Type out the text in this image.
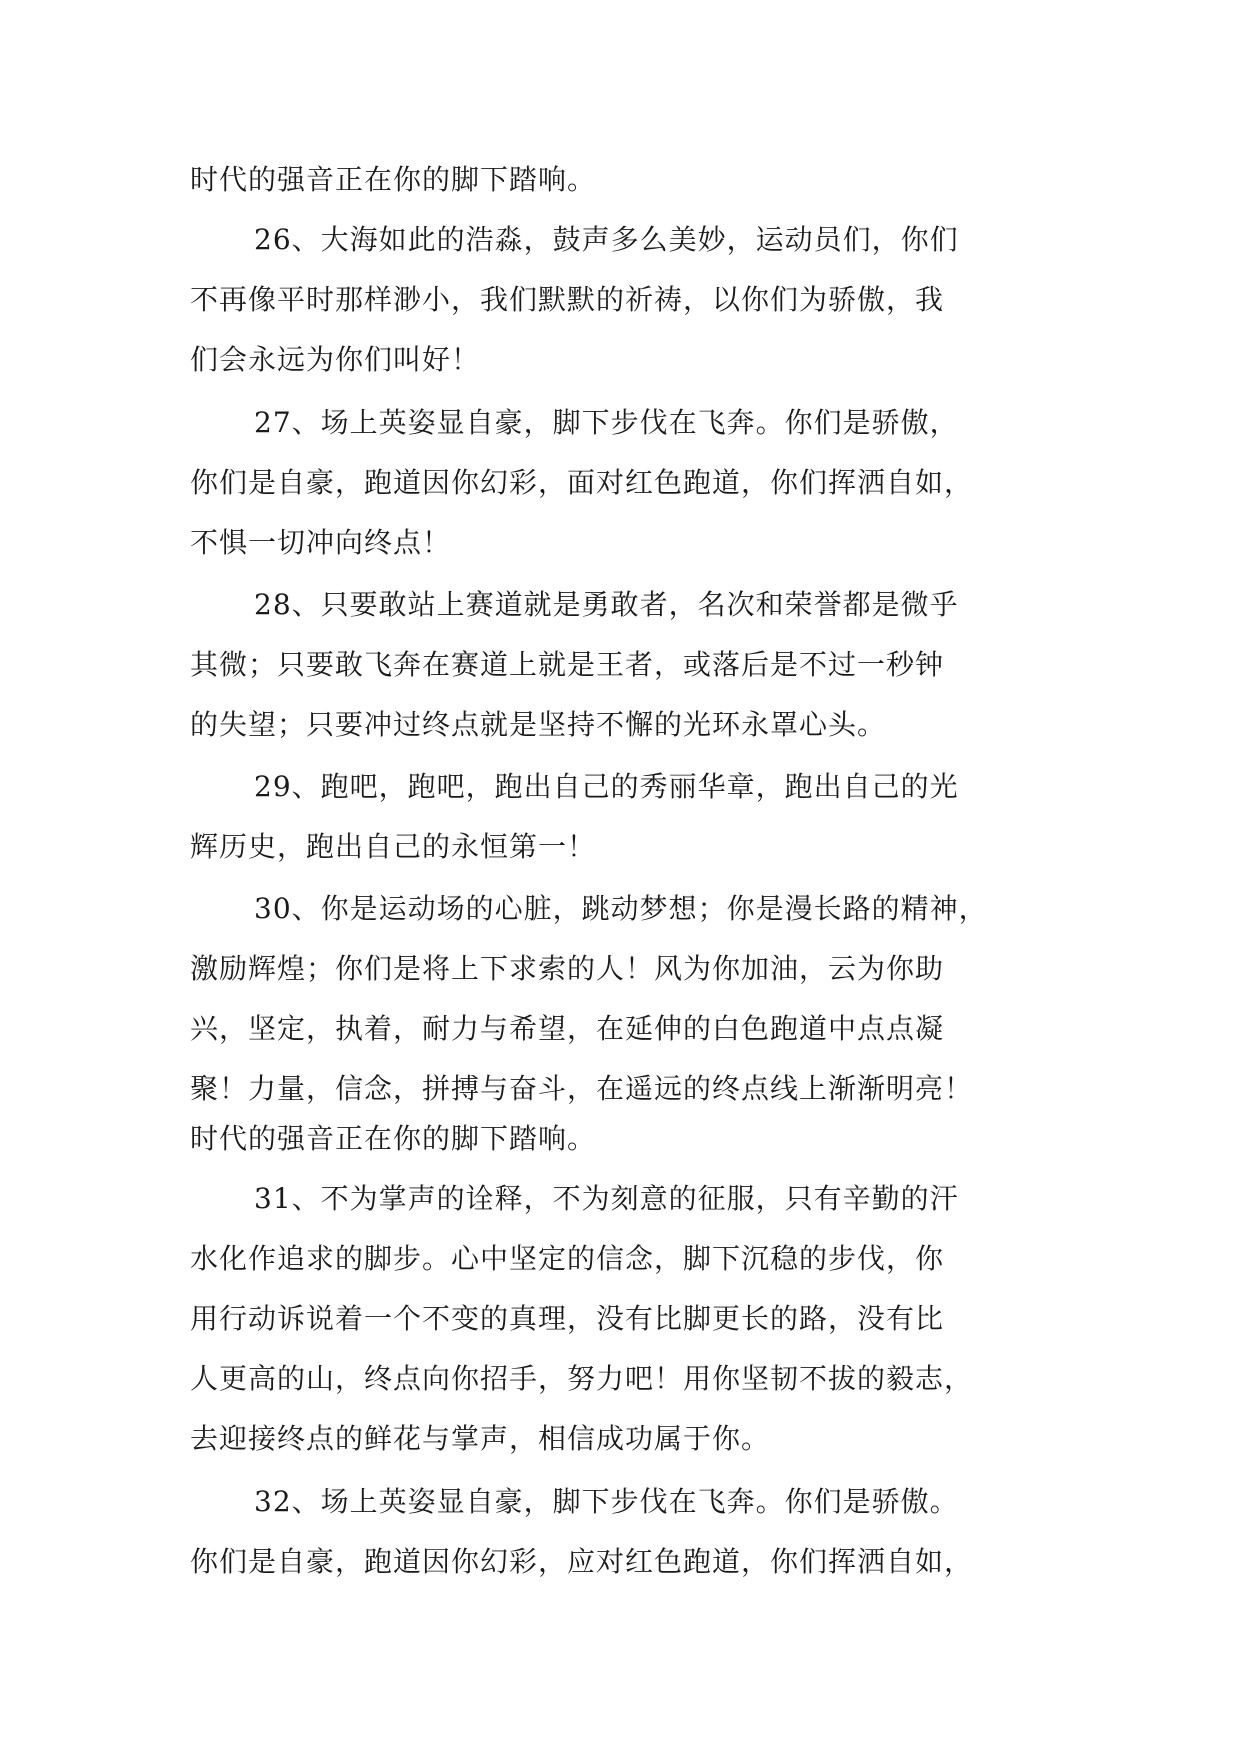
时代的强音正在你的脚下踏响。
26、大海如此的浩淼，鼓声多么美妙，运动员们，你们
不再像平时那样渺小，我们默默的祈祷，以你们为骄傲，我
们会永远为你们叫好！
27、场上英姿显自豪，脚下步伐在飞奔。你们是骄傲，
你们是自豪，跑道因你幻彩，面对红色跑道，你们挥洒自如，
不惧一切冲向终点！
28、只要敢站上赛道就是勇敢者，名次和荣誉都是微乎
其微；只要敢飞奔在赛道上就是王者，或落后是不过一秒钟
的失望；只要冲过终点就是坚持不懈的光环永罩心头。
29、跑吧，跑吧，跑出自己的秀丽华章，跑出自己的光
辉历史，跑出自己的永恒第一！
30、你是运动场的心脏，跳动梦想；你是漫长路的精神，
激励辉煌；你们是将上下求索的人！风为你加油，云为你助
兴，坚定，执着，耐力与希望，在延伸的白色跑道中点点凝
聚！力量，信念，拼搏与奋斗，在遥远的终点线上渐渐明亮！
时代的强音正在你的脚下踏响。
31、不为掌声的诠释，不为刻意的征服，只有辛勤的汗
水化作追求的脚步。心中坚定的信念，脚下沉稳的步伐，你
用行动诉说着一个不变的真理，没有比脚更长的路，没有比
人更高的山，终点向你招手，努力吧！用你坚韧不拔的毅志，
去迎接终点的鲜花与掌声，相信成功属于你。
32、场上英姿显自豪，脚下步伐在飞奔。你们是骄傲。
你们是自豪，跑道因你幻彩，应对红色跑道，你们挥洒自如，
